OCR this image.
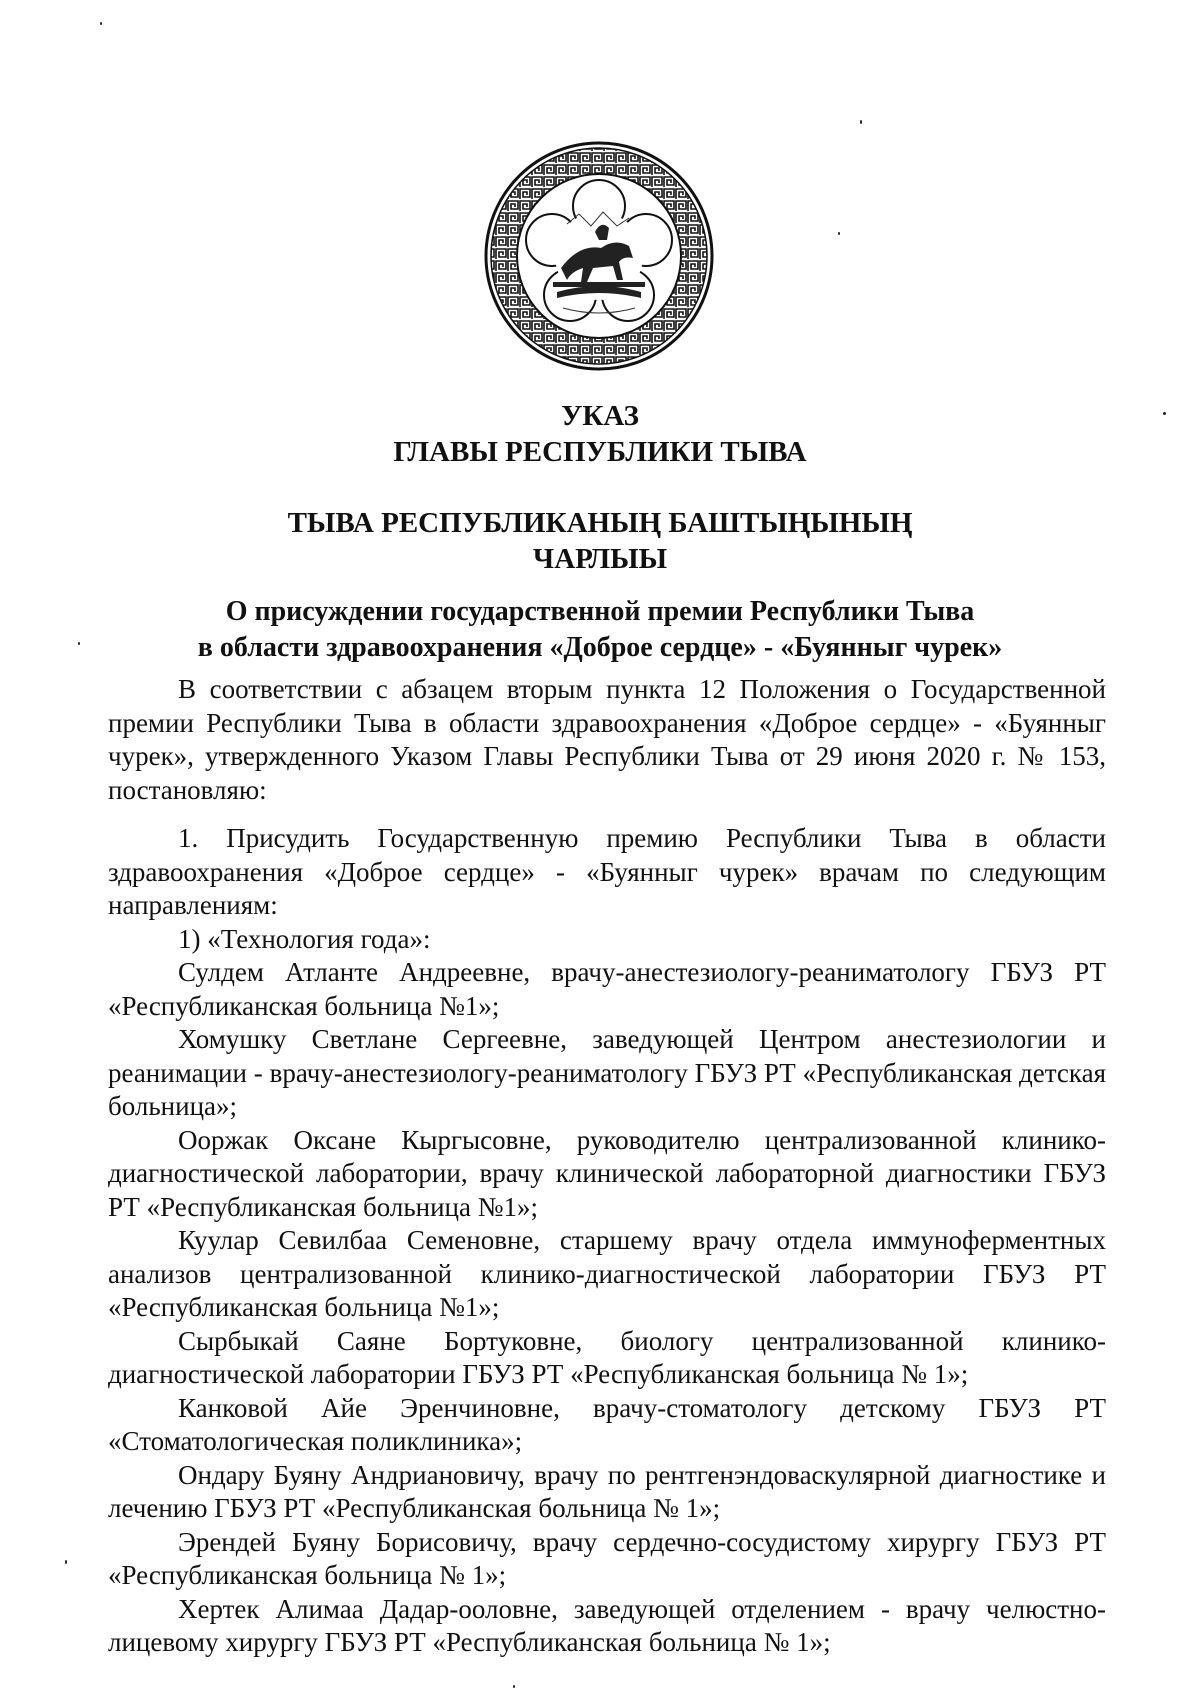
УКАЗ
ГЛАВЫ РЕСПУБЛИКИ ТЫВА
ТЫВА РЕСПУБЛИКАНЫҢ БАШТЫҢЫНЫҢ
ЧАРЛЫЫ
О присуждении государственной премии Республики Тыва
в области здравоохранения «Доброе сердце» - «Буянныг чурек»

В соответствии с абзацем вторым пункта 12 Положения о Государственной премии Республики Тыва в области здравоохранения «Доброе сердце» - «Буянныг чурек», утвержденного Указом Главы Республики Тыва от 29 июня 2020 г. № 153, постановляю:

1. Присудить Государственную премию Республики Тыва в области здравоохранения «Доброе сердце» - «Буянныг чурек» врачам по следующим направлениям:

1) «Технология года»:

Сулдем Атланте Андреевне, врачу-анестезиологу-реаниматологу ГБУЗ РТ «Республиканская больница №1»;

Хомушку Светлане Сергеевне, заведующей Центром анестезиологии и реанимации - врачу-анестезиологу-реаниматологу ГБУЗ РТ «Республиканская детская больница»;

Ооржак Оксане Кыргысовне, руководителю централизованной клинико-диагностической лаборатории, врачу клинической лабораторной диагностики ГБУЗ РТ «Республиканская больница №1»;

Куулар Севилбаа Семеновне, старшему врачу отдела иммуноферментных анализов централизованной клинико-диагностической лаборатории ГБУЗ РТ «Республиканская больница №1»;

Сырбыкай Саяне Бортуковне, биологу централизованной клинико-диагностической лаборатории ГБУЗ РТ «Республиканская больница № 1»;

Канковой Айе Эренчиновне, врачу-стоматологу детскому ГБУЗ РТ «Стоматологическая поликлиника»;

Ондару Буяну Андриановичу, врачу по рентгенэндоваскулярной диагностике и лечению ГБУЗ РТ «Республиканская больница № 1»;

Эрендей Буяну Борисовичу, врачу сердечно-сосудистому хирургу ГБУЗ РТ «Республиканская больница № 1»;

Хертек Алимаа Дадар-ооловне, заведующей отделением - врачу челюстно-лицевому хирургу ГБУЗ РТ «Республиканская больница № 1»;
